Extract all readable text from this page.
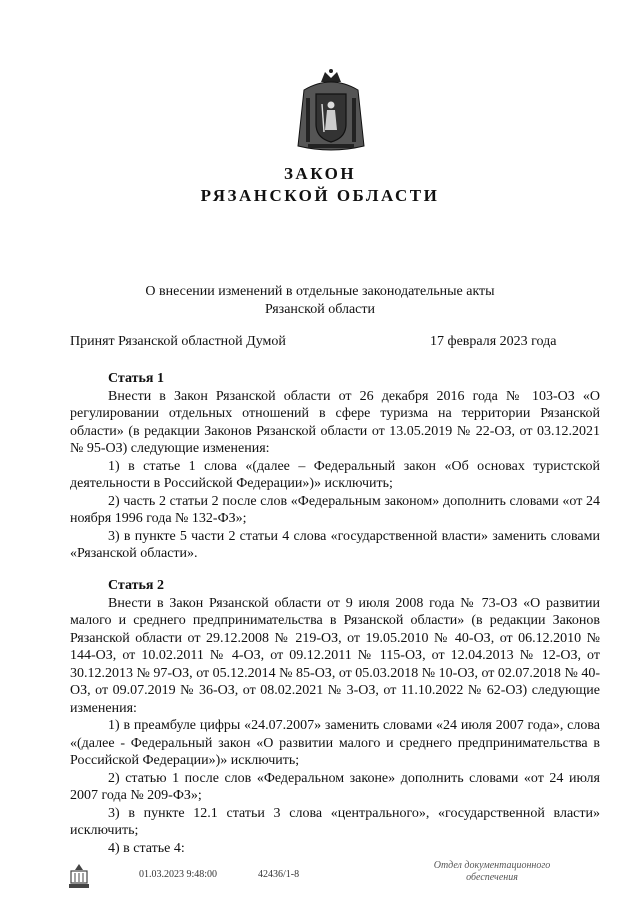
ЗАКОН
РЯЗАНСКОЙ ОБЛАСТИ
О внесении изменений в отдельные законодательные акты
Рязанской области
Принят Рязанской областной Думой	17 февраля 2023 года
Статья 1

Внести в Закон Рязанской области от 26 декабря 2016 года № 103-ОЗ «О регулировании отдельных отношений в сфере туризма на территории Рязанской области» (в редакции Законов Рязанской области от 13.05.2019 № 22-ОЗ, от 03.12.2021 № 95-ОЗ) следующие изменения:

1) в статье 1 слова «(далее – Федеральный закон «Об основах туристской деятельности в Российской Федерации»)» исключить;

2) часть 2 статьи 2 после слов «Федеральным законом» дополнить словами «от 24 ноября 1996 года № 132-ФЗ»;

3) в пункте 5 части 2 статьи 4 слова «государственной власти» заменить словами «Рязанской области».

Статья 2

Внести в Закон Рязанской области от 9 июля 2008 года № 73-ОЗ «О развитии малого и среднего предпринимательства в Рязанской области» (в редакции Законов Рязанской области от 29.12.2008 № 219-ОЗ, от 19.05.2010 № 40-ОЗ, от 06.12.2010 № 144-ОЗ, от 10.02.2011 № 4-ОЗ, от 09.12.2011 № 115-ОЗ, от 12.04.2013 № 12-ОЗ, от 30.12.2013 № 97-ОЗ, от 05.12.2014 № 85-ОЗ, от 05.03.2018 № 10-ОЗ, от 02.07.2018 № 40-ОЗ, от 09.07.2019 № 36-ОЗ, от 08.02.2021 № 3-ОЗ, от 11.10.2022 № 62-ОЗ) следующие изменения:

1) в преамбуле цифры «24.07.2007» заменить словами «24 июля 2007 года», слова «(далее - Федеральный закон «О развитии малого и среднего предпринимательства в Российской Федерации»)» исключить;

2) статью 1 после слов «Федеральном законе» дополнить словами «от 24 июля 2007 года № 209-ФЗ»;

3) в пункте 12.1 статьи 3 слова «центрального», «государственной власти» исключить;

4) в статье 4:

01.03.2023 9:48:00	42436/1-8
Отдел документационного
обеспечения
